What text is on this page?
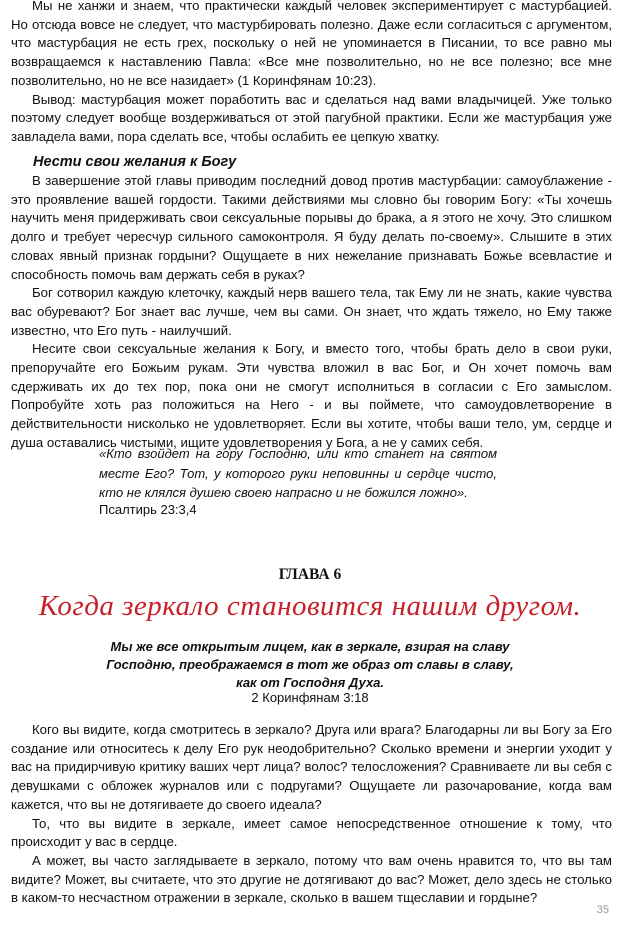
Мы не ханжи и знаем, что практически каждый человек экспериментирует с мастурбацией. Но отсюда вовсе не следует, что мастурбировать полезно. Даже если согласиться с аргументом, что мастурбация не есть грех, поскольку о ней не упоминается в Писании, то все равно мы возвращаемся к наставлению Павла: «Все мне позволительно, но не все полезно; все мне позволительно, но не все назидает» (1 Коринфянам 10:23).

Вывод: мастурбация может поработить вас и сделаться над вами владычицей. Уже только поэтому следует вообще воздерживаться от этой пагубной практики. Если же мастурбация уже завладела вами, пора сделать все, чтобы ослабить ее цепкую хватку.

Нести свои желания к Богу

В завершение этой главы приводим последний довод против мастурбации: самоублажение - это проявление вашей гордости. Такими действиями мы словно бы говорим Богу: «Ты хочешь научить меня придерживать свои сексуальные порывы до брака, а я этого не хочу. Это слишком долго и требует чересчур сильного самоконтроля. Я буду делать по-своему». Слышите в этих словах явный признак гордыни? Ощущаете в них нежелание признавать Божье всевластие и способность помочь вам держать себя в руках?

Бог сотворил каждую клеточку, каждый нерв вашего тела, так Ему ли не знать, какие чувства вас обуревают? Бог знает вас лучше, чем вы сами. Он знает, что ждать тяжело, но Ему также известно, что Его путь - наилучший.

Несите свои сексуальные желания к Богу, и вместо того, чтобы брать дело в свои руки, препоручайте его Божьим рукам. Эти чувства вложил в вас Бог, и Он хочет помочь вам сдерживать их до тех пор, пока они не смогут исполниться в согласии с Его замыслом. Попробуйте хоть раз положиться на Него - и вы поймете, что самоудовлетворение в действительности нисколько не удовлетворяет. Если вы хотите, чтобы ваши тело, ум, сердце и душа оставались чистыми, ищите удовлетворения у Бога, а не у самих себя.

«Кто взойдет на гору Господню, или кто станет на святом месте Его? Тот, у которого руки неповинны и сердце чисто, кто не клялся душею своею напрасно и не божился ложно».
Псалтирь 23:3,4
ГЛАВА 6
Когда зеркало становится нашим другом.
Мы же все открытым лицем, как в зеркале, взирая на славу
Господню, преображаемся в тот же образ от славы в славу,
как от Господня Духа.
2 Коринфянам 3:18

Кого вы видите, когда смотритесь в зеркало? Друга или врага? Благодарны ли вы Богу за Его создание или относитесь к делу Его рук неодобрительно? Сколько времени и энергии уходит у вас на придирчивую критику ваших черт лица? волос? телосложения? Сравниваете ли вы себя с девушками с обложек журналов или с подругами? Ощущаете ли разочарование, когда вам кажется, что вы не дотягиваете до своего идеала?

То, что вы видите в зеркале, имеет самое непосредственное отношение к тому, что происходит у вас в сердце.

А может, вы часто заглядываете в зеркало, потому что вам очень нравится то, что вы там видите? Может, вы считаете, что это другие не дотягивают до вас? Может, дело здесь не столько в каком-то несчастном отражении в зеркале, сколько в вашем тщеславии и гордыне?

35
